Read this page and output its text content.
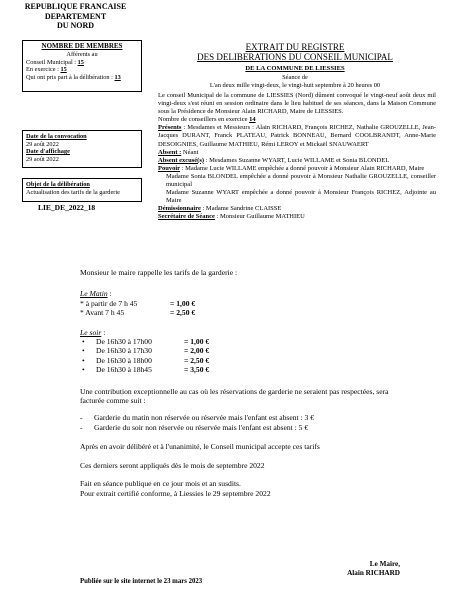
REPUBLIQUE FRANCAISE
DEPARTEMENT
DU NORD
NOMBRE DE MEMBRES
Afférents au
Conseil Municipal : 15
En exercice : 15
Qui ont pris part à la délibération : 13
Date de la convocation
29 août 2022
Date d'affichage
29 août 2022
Objet de la délibération
Actualisation des tarifs de la garderie
LIE_DE_2022_18
EXTRAIT DU REGISTRE
DES DELIBERATIONS DU CONSEIL MUNICIPAL
DE LA COMMUNE DE LIESSIES
Séance de
L'an deux mille vingt-deux, le vingt-huit septembre à 20 heures 00

Le conseil Municipal de la commune de LIESSIES (Nord) dûment convoqué le vingt-neuf août deux mil vingt-deux s'est réuni en session ordinaire dans le lieu habituel de ses séances, dans la Maison Commune sous la Présidence de Monsieur Alain RICHARD, Maire de LIESSIES.

Nombre de conseillers en exercice 14

Présents : Mesdames et Messieurs : Alain RICHARD, François RICHEZ, Nathalie GROUZELLE, Jean-Jacques DURANT, Franck PLATEAU, Patrick BONNEAU, Bernard COOLBRANDT, Anne-Marie DESOIGNIES, Guillaume MATHIEU, Rémi LEROY et Mickaël SNAUWAERT

Absent : Néant

Absent excusé(s) : Mesdames Suzanne WYART, Lucie WILLAME et Sonia BLONDEL

Pouvoir : Madame Lucie WILLAME empêchée a donné pouvoir à Monsieur Alain RICHARD, Maire

Madame Sonia BLONDEL empêchée a donné pouvoir à Monsieur Nathalie GROUZELLE, conseiller municipal

Madame Suzanne WYART empêchée a donné pouvoir à Monsieur François RICHEZ, Adjointe au Maire

Démissionnaire : Madame Sandrine CLAISSE

Secrétaire de Séance : Monsieur Guillaume MATHIEU

Monsieur le maire rappelle les tarifs de la garderie :

Le Matin :

* à partir de 7 h 45	= 1,00 €
* Avant 7 h 45	= 2,50 €

Le soir :

•	De 16h30 à 17h00	= 1,00 €
•	De 16h30 à 17h30	= 2,00 €
•	De 16h30 à 18h00	= 2,50 €
•	De 16h30 à 18h45	= 3,50 €

Une contribution exceptionnelle au cas où les réservations de garderie ne seraient pas respectées, sera facturée comme suit :

-	Garderie du matin non réservée ou réservée mais l'enfant est absent : 3 €
-	Garderie du soir non réservée ou réservée mais l'enfant est absent : 5 €

Après en avoir délibéré et à l'unanimité, le Conseil municipal accepte ces tarifs

Ces derniers seront appliqués dès le mois de septembre 2022

Fait en séance publique en ce jour mois et an susdits.

Pour extrait certifié conforme, à Liessies le 29 septembre 2022

Le Maire,
Alain RICHARD
Publiée sur le site internet le 23 mars 2023
